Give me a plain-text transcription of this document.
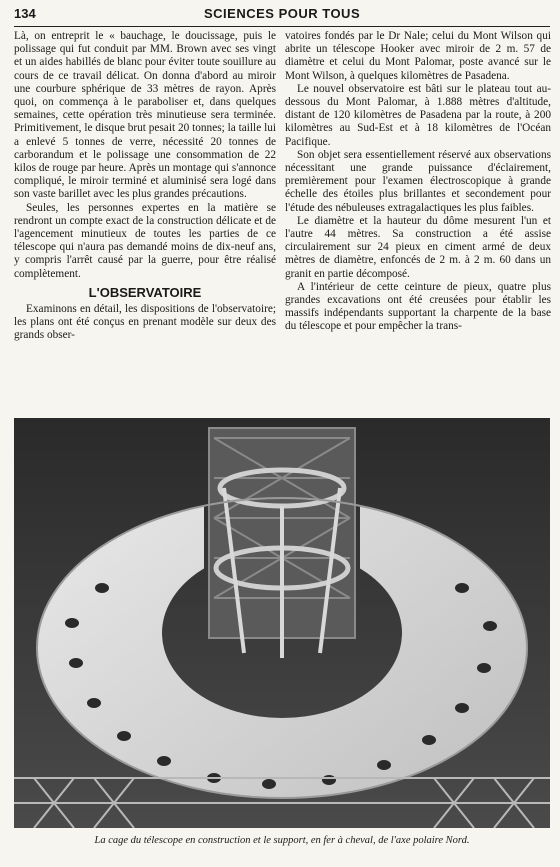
134	SCIENCES POUR TOUS

Là, on entreprit le « bauchage, le doucissage, puis le polissage qui fut conduit par MM. Brown avec ses vingt et un aides habillés de blanc pour éviter toute souillure au cours de ce travail délicat. On donna d'abord au miroir une courbure sphérique de 33 mètres de rayon. Après quoi, on commença à le paraboliser et, dans quelques semaines, cette opération très minutieuse sera terminée. Primitivement, le disque brut pesait 20 tonnes; la taille lui a enlevé 5 tonnes de verre, nécessité 20 tonnes de carborandum et le polissage une consommation de 22 kilos de rouge par heure. Après un montage qui s'annonce compliqué, le miroir terminé et aluminisé sera logé dans son vaste barillet avec les plus grandes précautions.

Seules, les personnes expertes en la matière se rendront un compte exact de la construction délicate et de l'agencement minutieux de toutes les parties de ce télescope qui n'aura pas demandé moins de dix-neuf ans, y compris l'arrêt causé par la guerre, pour être réalisé complètement.

L'OBSERVATOIRE

Examinons en détail, les dispositions de l'observatoire; les plans ont été conçus en prenant modèle sur deux des grands obser-

vatoires fondés par le Dr Nale; celui du Mont Wilson qui abrite un télescope Hooker avec miroir de 2 m. 57 de diamètre et celui du Mont Palomar, poste avancé sur le Mont Wilson, à quelques kilomètres de Pasadena.

Le nouvel observatoire est bâti sur le plateau tout au-dessous du Mont Palomar, à 1.888 mètres d'altitude, distant de 120 kilomètres de Pasadena par la route, à 200 kilomètres au Sud-Est et à 18 kilomètres de l'Océan Pacifique.

Son objet sera essentiellement réservé aux observations nécessitant une grande puissance d'éclairement, premièrement pour l'examen électroscopique à grande échelle des étoiles plus brillantes et secondement pour l'étude des nébuleuses extragalactiques les plus faibles.

Le diamètre et la hauteur du dôme mesurent l'un et l'autre 44 mètres. Sa construction a été assise circulairement sur 24 pieux en ciment armé de deux mètres de diamètre, enfoncés de 2 m. à 2 m. 60 dans un granit en partie décomposé.

A l'intérieur de cette ceinture de pieux, quatre plus grandes excavations ont été creusées pour établir les massifs indépendants supportant la charpente de la base du télescope et pour empêcher la trans-

La cage du télescope en construction et le support, en fer à cheval, de l'axe polaire Nord.
